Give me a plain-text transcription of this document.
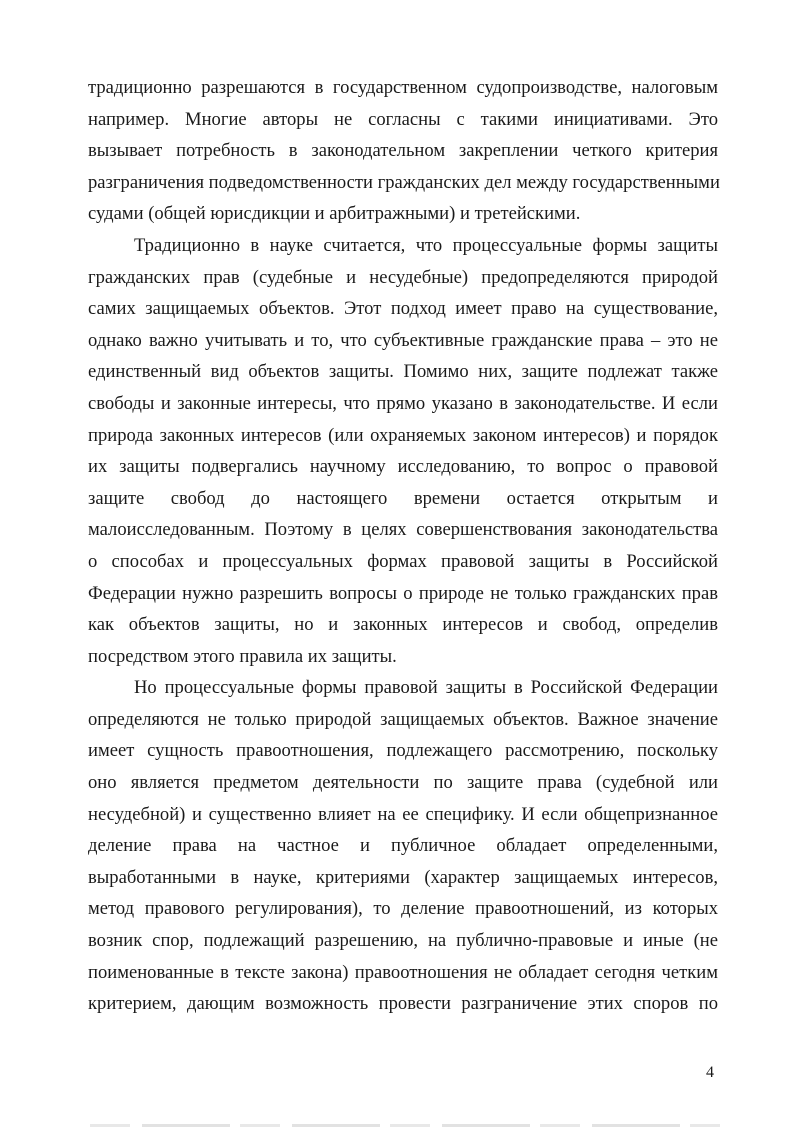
традиционно разрешаются в государственном судопроизводстве, налоговым
например. Многие авторы не согласны с такими инициативами. Это
вызывает потребность в законодательном закреплении четкого критерия
разграничения подведомственности гражданских дел между государственными
судами (общей юрисдикции и арбитражными) и третейскими.
Традиционно в науке считается, что процессуальные формы защиты
гражданских прав (судебные и несудебные) предопределяются природой
самих защищаемых объектов. Этот подход имеет право на существование,
однако важно учитывать и то, что субъективные гражданские права – это не
единственный вид объектов защиты. Помимо них, защите подлежат также
свободы и законные интересы, что прямо указано в законодательстве. И если
природа законных интересов (или охраняемых законом интересов) и порядок
их защиты подвергались научному исследованию, то вопрос о правовой
защите свобод до настоящего времени остается открытым и
малоисследованным. Поэтому в целях совершенствования законодательства
о способах и процессуальных формах правовой защиты в Российской
Федерации нужно разрешить вопросы о природе не только гражданских прав
как объектов защиты, но и законных интересов и свобод, определив
посредством этого правила их защиты.
Но процессуальные формы правовой защиты в Российской Федерации
определяются не только природой защищаемых объектов. Важное значение
имеет сущность правоотношения, подлежащего рассмотрению, поскольку
оно является предметом деятельности по защите права (судебной или
несудебной) и существенно влияет на ее специфику. И если общепризнанное
деление права на частное и публичное обладает определенными,
выработанными в науке, критериями (характер защищаемых интересов,
метод правового регулирования), то деление правоотношений, из которых
возник спор, подлежащий разрешению, на публично-правовые и иные (не
поименованные в тексте закона) правоотношения не обладает сегодня четким
критерием, дающим возможность провести разграничение этих споров по
4
